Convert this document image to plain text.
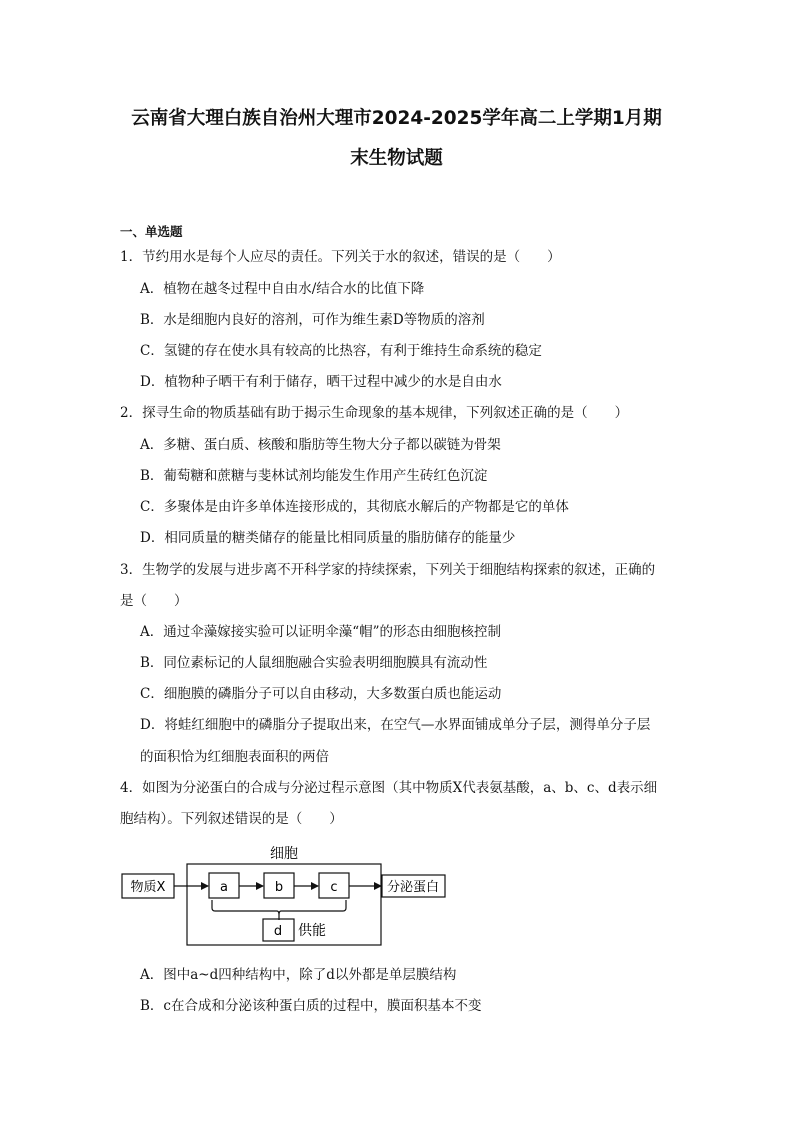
云南省大理白族自治州大理市2024-2025学年高二上学期1月期
末生物试题
一、单选题
1．节约用水是每个人应尽的责任。下列关于水的叙述，错误的是（　　）
A．植物在越冬过程中自由水/结合水的比值下降
B．水是细胞内良好的溶剂，可作为维生素D等物质的溶剂
C．氢键的存在使水具有较高的比热容，有利于维持生命系统的稳定
D．植物种子晒干有利于储存，晒干过程中减少的水是自由水
2．探寻生命的物质基础有助于揭示生命现象的基本规律，下列叙述正确的是（　　）
A．多糖、蛋白质、核酸和脂肪等生物大分子都以碳链为骨架
B．葡萄糖和蔗糖与斐林试剂均能发生作用产生砖红色沉淀
C．多聚体是由许多单体连接形成的，其彻底水解后的产物都是它的单体
D．相同质量的糖类储存的能量比相同质量的脂肪储存的能量少
3．生物学的发展与进步离不开科学家的持续探索，下列关于细胞结构探索的叙述，正确的
是（　　）
A．通过伞藻嫁接实验可以证明伞藻“帽”的形态由细胞核控制
B．同位素标记的人鼠细胞融合实验表明细胞膜具有流动性
C．细胞膜的磷脂分子可以自由移动，大多数蛋白质也能运动
D．将蛙红细胞中的磷脂分子提取出来，在空气—水界面铺成单分子层，测得单分子层
的面积恰为红细胞表面积的两倍
4．如图为分泌蛋白的合成与分泌过程示意图（其中物质X代表氨基酸，a、b、c、d表示细
胞结构）。下列叙述错误的是（　　）
细胞
物质X	a	b	c	分泌蛋白
d 供能
A．图中a~d四种结构中，除了d以外都是单层膜结构
B．c在合成和分泌该种蛋白质的过程中，膜面积基本不变
